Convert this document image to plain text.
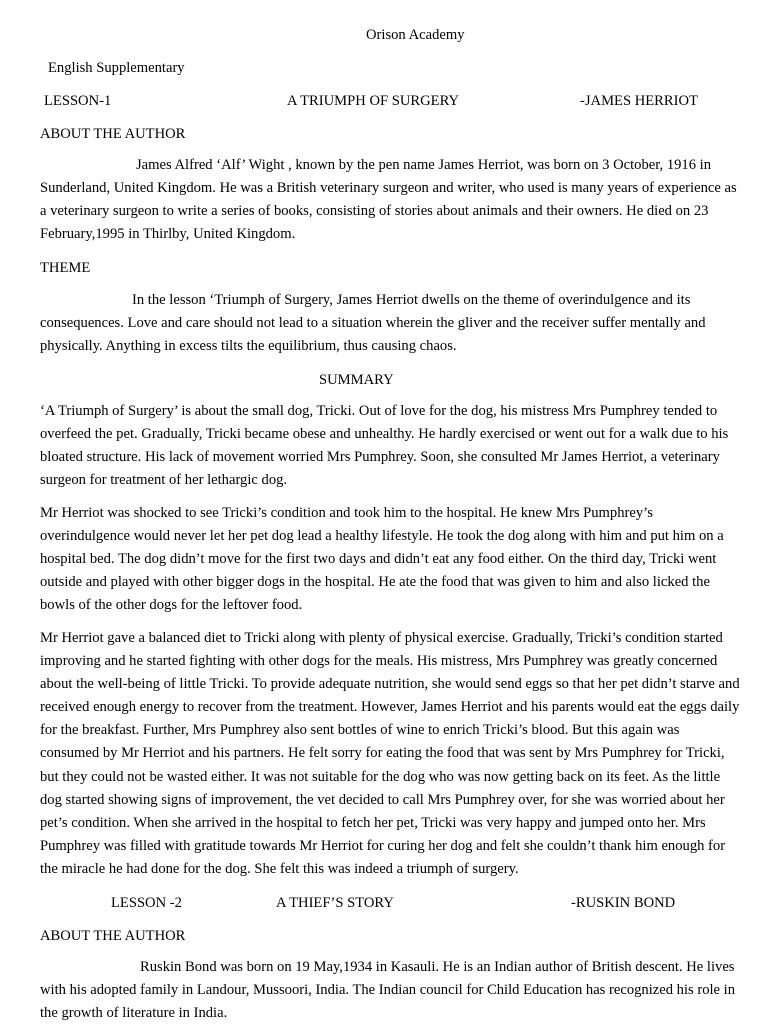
Orison Academy
English Supplementary
LESSON-1	A TRIUMPH OF SURGERY	-JAMES HERRIOT
ABOUT THE AUTHOR
James Alfred ‘Alf’ Wight , known by the pen name James Herriot, was born on 3 October, 1916 in Sunderland, United Kingdom. He was a British veterinary surgeon and writer, who used is many years of experience as a veterinary surgeon to write a series of books, consisting of stories about animals and their owners. He died on 23 February,1995 in Thirlby, United Kingdom.
THEME
In the lesson ‘Triumph of Surgery, James Herriot dwells on the theme of overindulgence and its consequences. Love and care should not lead to a situation wherein the gliver and the receiver suffer mentally and physically. Anything in excess tilts the equilibrium, thus causing chaos.
SUMMARY
‘A Triumph of Surgery’ is about the small dog, Tricki. Out of love for the dog, his mistress Mrs Pumphrey tended to overfeed the pet. Gradually, Tricki became obese and unhealthy. He hardly exercised or went out for a walk due to his bloated structure. His lack of movement worried Mrs Pumphrey. Soon, she consulted Mr James Herriot, a veterinary surgeon for treatment of her lethargic dog.
Mr Herriot was shocked to see Tricki’s condition and took him to the hospital. He knew Mrs Pumphrey’s overindulgence would never let her pet dog lead a healthy lifestyle. He took the dog along with him and put him on a hospital bed. The dog didn’t move for the first two days and didn’t eat any food either. On the third day, Tricki went outside and played with other bigger dogs in the hospital. He ate the food that was given to him and also licked the bowls of the other dogs for the leftover food.
Mr Herriot gave a balanced diet to Tricki along with plenty of physical exercise. Gradually, Tricki’s condition started improving and he started fighting with other dogs for the meals. His mistress, Mrs Pumphrey was greatly concerned about the well-being of little Tricki. To provide adequate nutrition, she would send eggs so that her pet didn’t starve and received enough energy to recover from the treatment. However, James Herriot and his parents would eat the eggs daily for the breakfast. Further, Mrs Pumphrey also sent bottles of wine to enrich Tricki’s blood. But this again was consumed by Mr Herriot and his partners. He felt sorry for eating the food that was sent by Mrs Pumphrey for Tricki, but they could not be wasted either. It was not suitable for the dog who was now getting back on its feet. As the little dog started showing signs of improvement, the vet decided to call Mrs Pumphrey over, for she was worried about her pet’s condition. When she arrived in the hospital to fetch her pet, Tricki was very happy and jumped onto her. Mrs Pumphrey was filled with gratitude towards Mr Herriot for curing her dog and felt she couldn’t thank him enough for the miracle he had done for the dog. She felt this was indeed a triumph of surgery.
LESSON -2	A THIEF’S STORY	-RUSKIN BOND
ABOUT THE AUTHOR
Ruskin Bond was born on 19 May,1934 in Kasauli. He is an Indian author of British descent. He lives with his adopted family in Landour, Mussoori, India. The Indian council for Child Education has recognized his role in the growth of literature in India.
